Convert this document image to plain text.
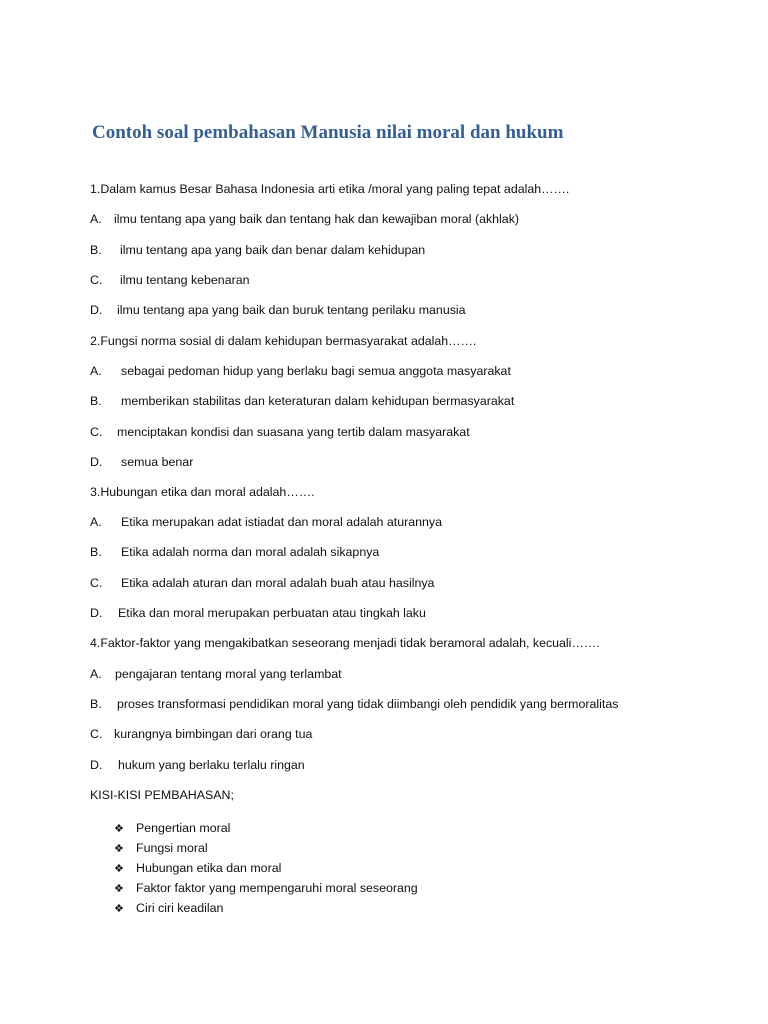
Contoh soal pembahasan Manusia nilai moral dan hukum
1.Dalam kamus Besar Bahasa Indonesia arti etika /moral yang paling tepat adalah…….
A. ilmu tentang apa yang baik dan tentang hak dan kewajiban moral (akhlak)
B. ilmu tentang apa yang baik dan benar dalam kehidupan
C. ilmu tentang kebenaran
D. ilmu tentang apa yang baik dan buruk tentang perilaku manusia
2.Fungsi norma sosial di dalam kehidupan bermasyarakat adalah…….
A. sebagai pedoman hidup yang berlaku bagi semua anggota masyarakat
B. memberikan stabilitas dan keteraturan dalam kehidupan bermasyarakat
C. menciptakan kondisi dan suasana yang tertib dalam masyarakat
D. semua benar
3.Hubungan etika dan moral adalah…….
A. Etika merupakan adat istiadat dan moral adalah aturannya
B. Etika adalah norma dan moral adalah sikapnya
C. Etika adalah aturan dan moral adalah buah atau hasilnya
D. Etika dan moral merupakan perbuatan atau tingkah laku
4.Faktor-faktor yang mengakibatkan seseorang menjadi tidak beramoral adalah, kecuali…….
A. pengajaran tentang moral yang terlambat
B. proses transformasi pendidikan moral yang tidak diimbangi oleh pendidik yang bermoralitas
C. kurangnya bimbingan dari orang tua
D. hukum yang berlaku terlalu ringan
KISI-KISI PEMBAHASAN;
❖ Pengertian moral
❖ Fungsi moral
❖ Hubungan etika dan moral
❖ Faktor faktor yang mempengaruhi moral seseorang
❖ Ciri ciri keadilan
